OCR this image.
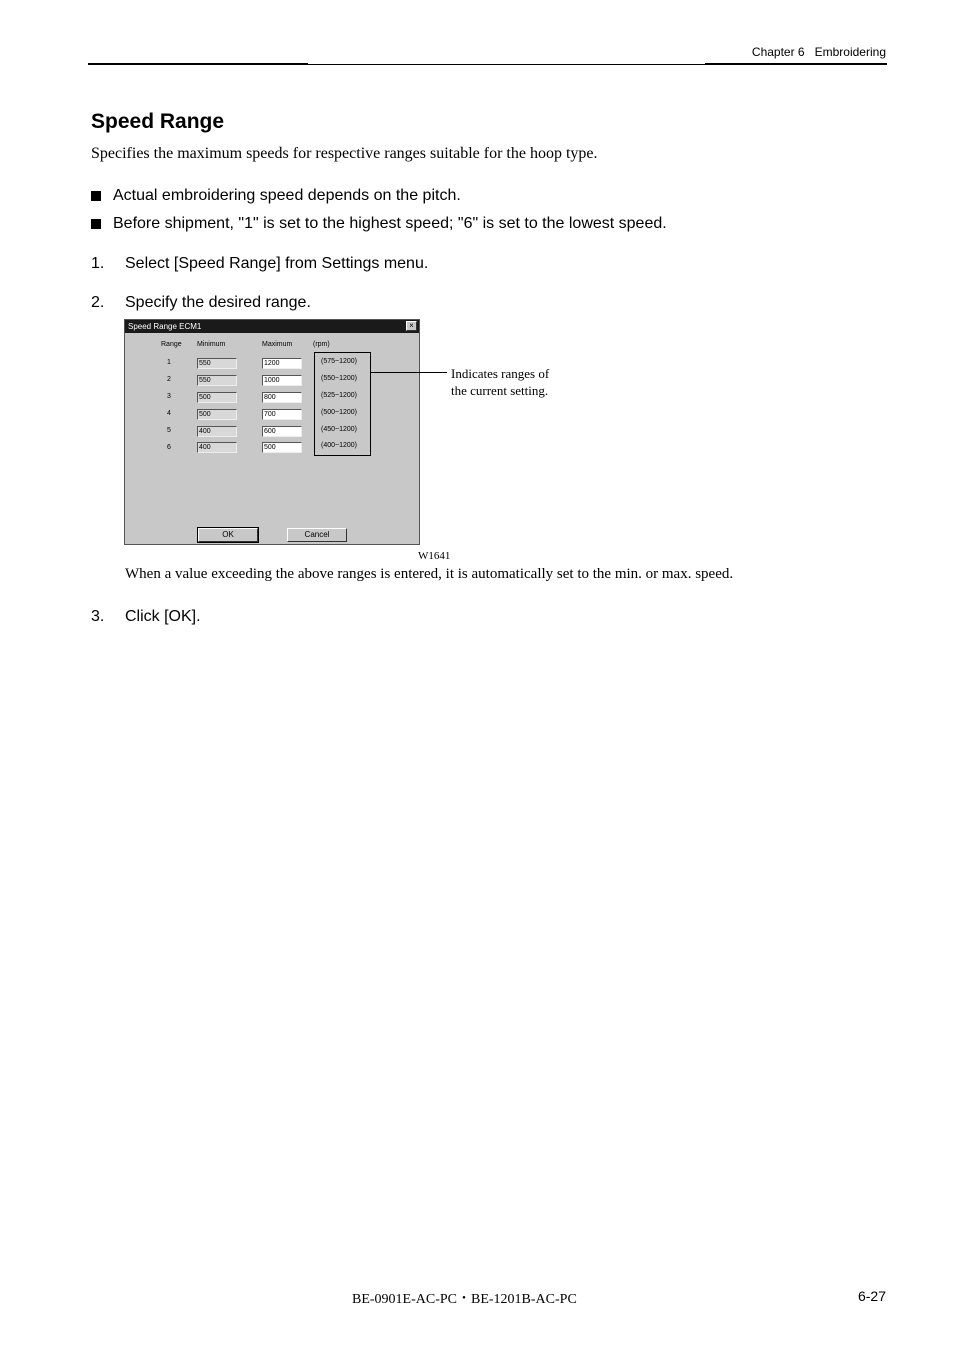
Chapter 6 Embroidering
Speed Range
Specifies the maximum speeds for respective ranges suitable for the hoop type.
Actual embroidering speed depends on the pitch.
Before shipment, "1" is set to the highest speed; "6" is set to the lowest speed.
1. Select [Speed Range] from Settings menu.
2. Specify the desired range.
Speed Range ECM1	×
Range Minimum	Maximum	(rpm)
1	550	1200	(575~1200)
2	550	1000	(550~1200)
3	500	800	(525~1200)
4	500	700	(500~1200)
5	400	600	(450~1200)
6	400	500	(400~1200)
OK	Cancel
Indicates ranges of
the current setting.
W1641
When a value exceeding the above ranges is entered, it is automatically set to the min. or max. speed.
3. Click [OK].
BE-0901E-AC-PC・BE-1201B-AC-PC	6-27
